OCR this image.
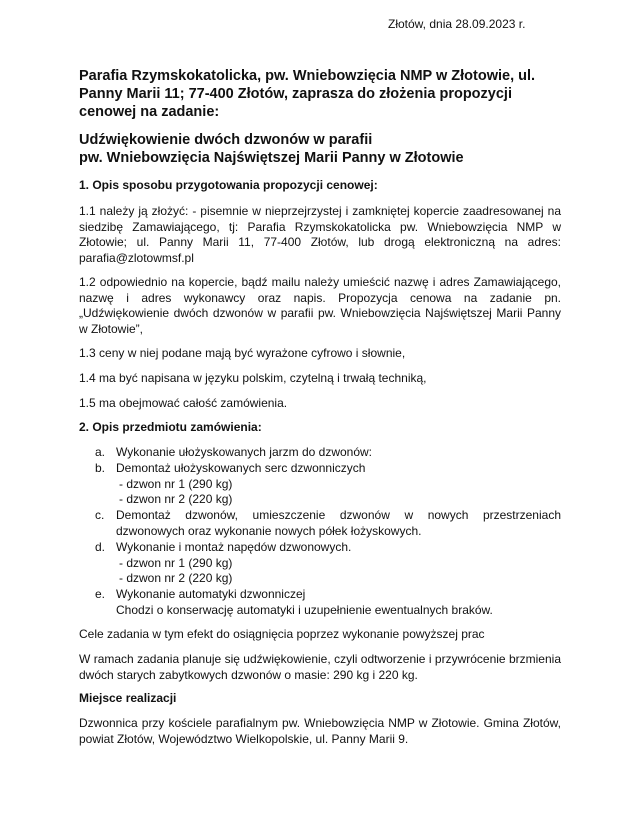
Złotów, dnia 28.09.2023 r.

Parafia Rzymskokatolicka, pw. Wniebowzięcia NMP w Złotowie, ul. Panny Marii 11; 77-400 Złotów, zaprasza do złożenia propozycji cenowej na zadanie:

Udźwiękowienie dwóch dzwonów w parafii
pw. Wniebowzięcia Najświętszej Marii Panny w Złotowie

1. Opis sposobu przygotowania propozycji cenowej:

1.1 należy ją złożyć: - pisemnie w nieprzejrzystej i zamkniętej kopercie zaadresowanej na siedzibę Zamawiającego, tj: Parafia Rzymskokatolicka pw. Wniebowzięcia NMP w Złotowie; ul. Panny Marii 11, 77-400 Złotów, lub drogą elektroniczną na adres: parafia@zlotowmsf.pl

1.2 odpowiednio na kopercie, bądź mailu należy umieścić nazwę i adres Zamawiającego, nazwę i adres wykonawcy oraz napis. Propozycja cenowa na zadanie pn. „Udźwiękowienie dwóch dzwonów w parafii pw. Wniebowzięcia Najświętszej Marii Panny w Złotowie”,

1.3 ceny w niej podane mają być wyrażone cyfrowo i słownie,

1.4 ma być napisana w języku polskim, czytelną i trwałą techniką,

1.5 ma obejmować całość zamówienia.

2. Opis przedmiotu zamówienia:

a. Wykonanie ułożyskowanych jarzm do dzwonów:
b. Demontaż ułożyskowanych serc dzwonniczych
- dzwon nr 1 (290 kg)
- dzwon nr 2 (220 kg)
c. Demontaż dzwonów, umieszczenie dzwonów w nowych przestrzeniach dzwonowych oraz wykonanie nowych półek łożyskowych.
d. Wykonanie i montaż napędów dzwonowych.
- dzwon nr 1 (290 kg)
- dzwon nr 2 (220 kg)
e. Wykonanie automatyki dzwonniczej
Chodzi o konserwację automatyki i uzupełnienie ewentualnych braków.

Cele zadania w tym efekt do osiągnięcia poprzez wykonanie powyższej prac

W ramach zadania planuje się udźwiękowienie, czyli odtworzenie i przywrócenie brzmienia dwóch starych zabytkowych dzwonów o masie: 290 kg i 220 kg.

Miejsce realizacji

Dzwonnica przy kościele parafialnym pw. Wniebowzięcia NMP w Złotowie. Gmina Złotów, powiat Złotów, Województwo Wielkopolskie, ul. Panny Marii 9.
